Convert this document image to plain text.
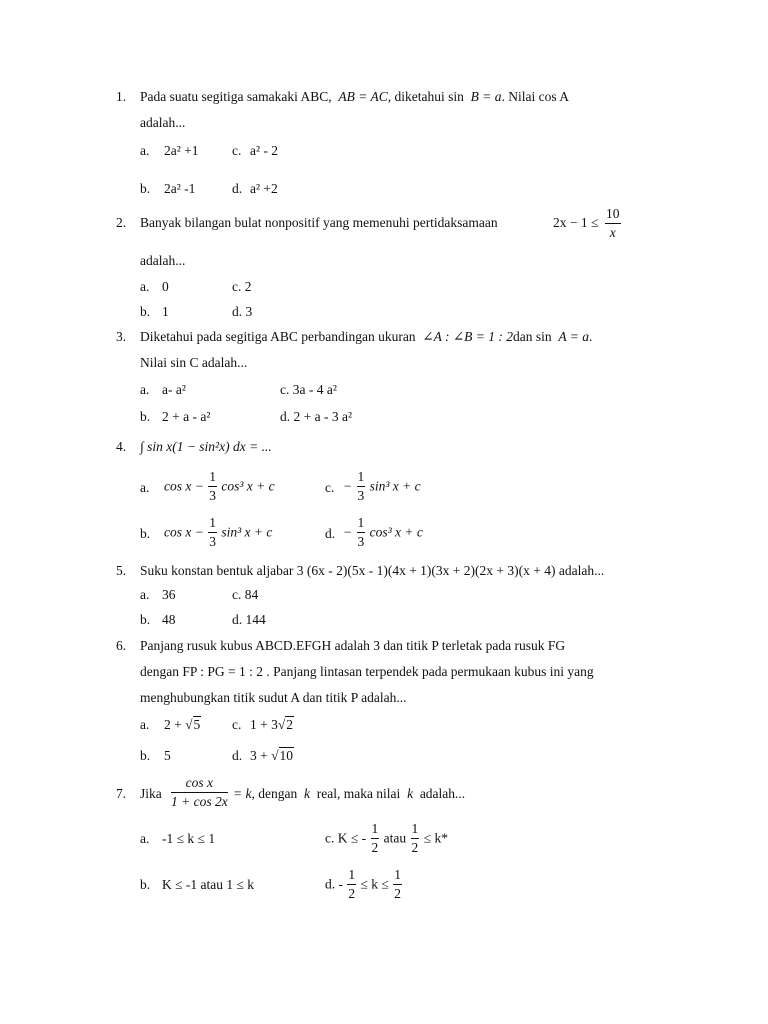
1. Pada suatu segitiga samakaki ABC, AB = AC, diketahui sin B = a. Nilai cos A
adalah...
a. 2a² +1 c. a² - 2
b. 2a² -1	d. a² +2
2. Banyak bilangan bulat nonpositif yang memenuhi pertidaksamaan	$2x - 1 \le \frac{10}{x}$
adalah...
a. 0	c. 2
b. 1	d. 3
3. Diketahui pada segitiga ABC perbandingan ukuran ∠A : ∠B = 1 : 2dan sin A = a.
Nilai sin C adalah...
a. a- a²	c. 3a - 4 a²
b. 2 + a - a²	d. 2 + a - 3 a²
4. ∫ sin x(1 − sin²x) dx = ...
a. $\cos x - \frac{1}{3} \cos^3$ x + c	c. − $\frac{1}{3} \sin^3$ x + c
b. $\cos x - \frac{1}{3} \sin^3$ x + c	d. − $\frac{1}{3} \cos^3$ x + c
5. Suku konstan bentuk aljabar 3 (6x - 2)(5x - 1)(4x + 1)(3x + 2)(2x + 3)(x + 4) adalah...
a. 36	c. 84
b. 48	d. 144
6. Panjang rusuk kubus ABCD.EFGH adalah 3 dan titik P terletak pada rusuk FG
dengan FP : PG = 1 : 2 . Panjang lintasan terpendek pada permukaan kubus ini yang
menghubungkan titik sudut A dan titik P adalah...
a. 2 + √5 c. 1 + 3√2
b. 5	d. 3 + √10
7. Jika $\frac{\text{cos x}}{1 + \cos 2x} = k$, dengan k real, maka nilai k adalah...
a. -1 ≤ k ≤ 1	c. K ≤ - $\frac{1}{2}$ atau $\frac{1}{2} \le k*$
b. K ≤ -1 atau 1 ≤ k	d. - $\frac{1}{2} \le k \le \frac{1}{2}$
